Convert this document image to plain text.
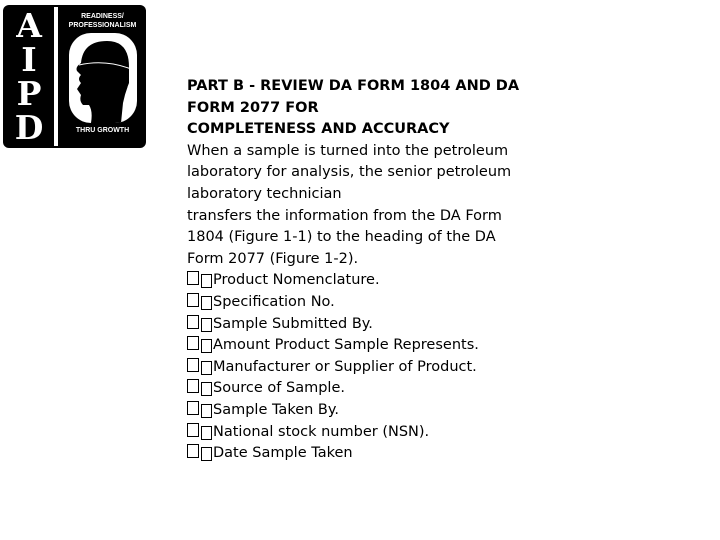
A
I
P
D
READINESS/ PROFESSIONALISM
THRU GROWTH
PART B - REVIEW DA FORM 1804 AND DA
FORM 2077 FOR
COMPLETENESS AND ACCURACY
When a sample is turned into the petroleum
laboratory for analysis, the senior petroleum
laboratory technician
transfers the information from the DA Form
1804 (Figure 1-1) to the heading of the DA
Form 2077 (Figure 1-2).
Product Nomenclature.
Specification No.
Sample Submitted By.
Amount Product Sample Represents.
Manufacturer or Supplier of Product.
Source of Sample.
Sample Taken By.
National stock number (NSN).
Date Sample Taken
